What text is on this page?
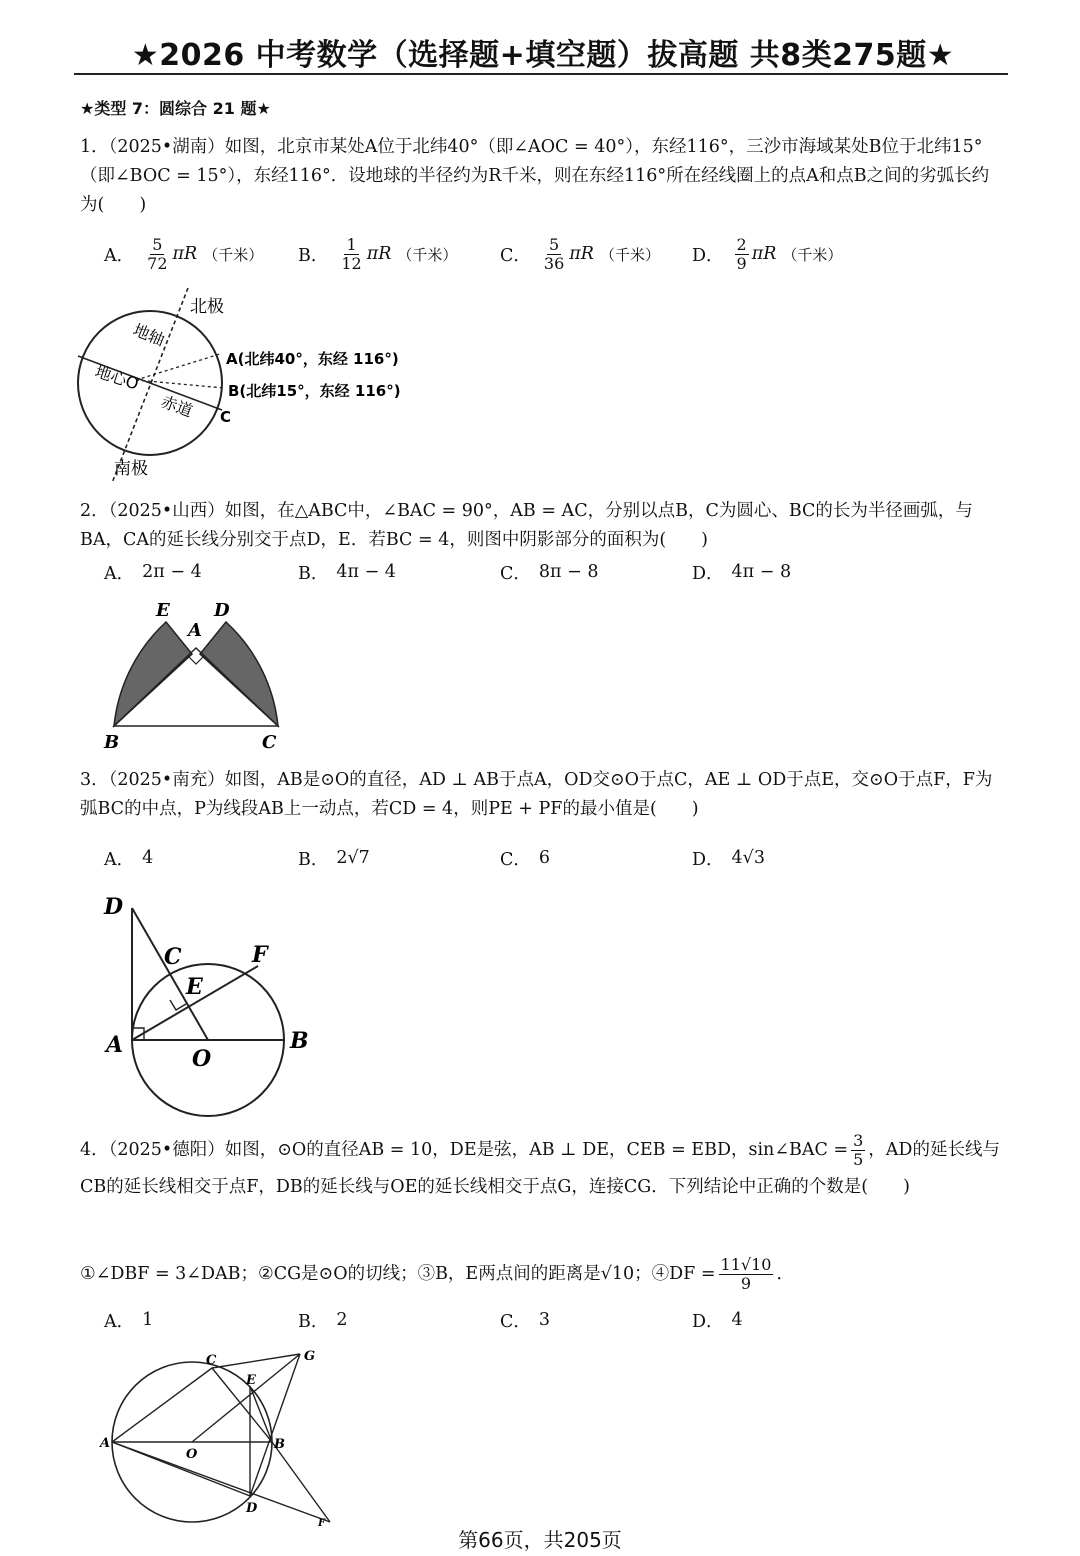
★2026 中考数学（选择题+填空题）拔高题 共8类275题★
★类型 7：圆综合 21 题★
1．（2025•湖南）如图，北京市某处A位于北纬40°（即∠AOC = 40°），东经116°，三沙市海域某处B位于北纬15°（即∠BOC = 15°），东经116°．设地球的半径约为R千米，则在东经116°所在经线圈上的点A和点B之间的劣弧长约为(　　)
A． $\frac{5}{72}$ πR （千米） B． $\frac{1}{12}$ πR （千米） C． $\frac{5}{36}$ πR （千米） D． $\frac{2}{9}$ πR （千米）
北极
地轴
地心O
赤道
A(北纬40°，东经 116°)
B(北纬15°，东经 116°)
C
南极
2．（2025•山西）如图，在△ABC中，∠BAC = 90°，AB = AC，分别以点B，C为圆心、BC的长为半径画弧，与BA，CA的延长线分别交于点D，E．若BC = 4，则图中阴影部分的面积为(　　)
A． 2π − 4	B． 4π − 4	C． 8π − 8	D． 4π − 8
E D
A
B	C
3．（2025•南充）如图，AB是⊙O的直径，AD ⊥ AB于点A，OD交⊙O于点C，AE ⊥ OD于点E，交⊙O于点F，F为弧BC的中点，P为线段AB上一动点，若CD = 4，则PE + PF的最小值是(　　)
A． 4	B． 2√7	C． 6	D． 4√3
D
C	F
E
A
O
B
4．（2025•德阳）如图，⊙O的直径AB = 10，DE是弦，AB ⊥ DE，CEB = EBD，sin∠BAC = $\frac{3}{5}$ ，AD的延长线与CB的延长线相交于点F，DB的延长线与OE的延长线相交于点G，连接CG．下列结论中正确的个数是(　　)
①∠DBF = 3∠DAB；②CG是⊙O的切线；③B，E两点间的距离是√10；④DF = $\frac{11√10}{9}$ ．
A． 1	B． 2	C． 3	D． 4
C	G
E
A
O
B
D
F
第66页，共205页
